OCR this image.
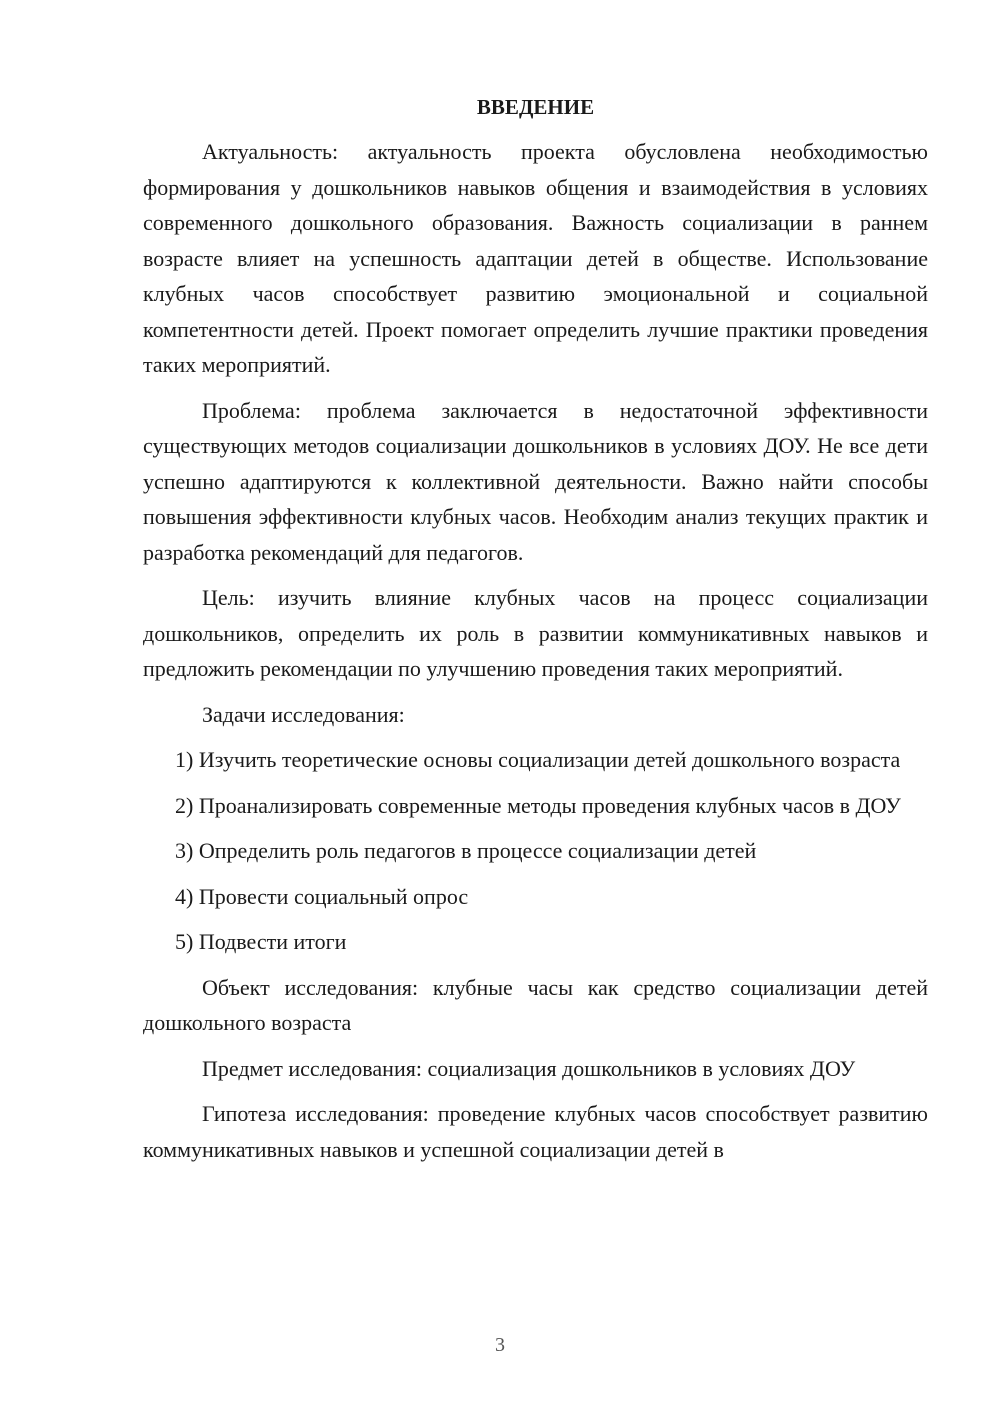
ВВЕДЕНИЕ

Актуальность: актуальность проекта обусловлена необходимостью формирования у дошкольников навыков общения и взаимодействия в условиях современного дошкольного образования. Важность социализации в раннем возрасте влияет на успешность адаптации детей в обществе. Использование клубных часов способствует развитию эмоциональной и социальной компетентности детей. Проект помогает определить лучшие практики проведения таких мероприятий.

Проблема: проблема заключается в недостаточной эффективности существующих методов социализации дошкольников в условиях ДОУ. Не все дети успешно адаптируются к коллективной деятельности. Важно найти способы повышения эффективности клубных часов. Необходим анализ текущих практик и разработка рекомендаций для педагогов.

Цель: изучить влияние клубных часов на процесс социализации дошкольников, определить их роль в развитии коммуникативных навыков и предложить рекомендации по улучшению проведения таких мероприятий.

Задачи исследования:

1) Изучить теоретические основы социализации детей дошкольного возраста

2) Проанализировать современные методы проведения клубных часов в ДОУ

3) Определить роль педагогов в процессе социализации детей

4) Провести социальный опрос

5) Подвести итоги

Объект исследования: клубные часы как средство социализации детей дошкольного возраста

Предмет исследования: социализация дошкольников в условиях ДОУ

Гипотеза исследования: проведение клубных часов способствует развитию коммуникативных навыков и успешной социализации детей в

3
